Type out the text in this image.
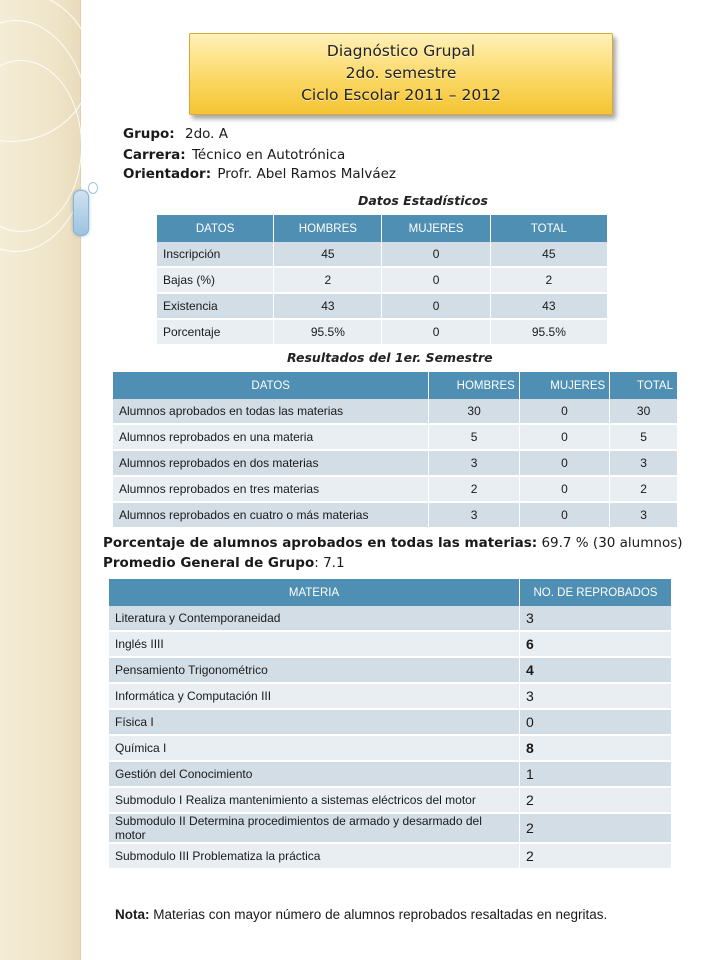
Diagnóstico Grupal
2do. semestre
Ciclo Escolar 2011 – 2012
Grupo: 2do. A
Carrera: Técnico en Autotrónica
Orientador: Profr. Abel Ramos Malváez
Datos Estadísticos
DATOS	HOMBRES	MUJERES	TOTAL
Inscripción	45	0	45
Bajas (%)	2	0	2
Existencia	43	0	43
Porcentaje	95.5%	0	95.5%
Resultados del 1er. Semestre
DATOS	HOMBRES	MUJERES	TOTAL
Alumnos aprobados en todas las materias	30	0	30
Alumnos reprobados en una materia	5	0	5
Alumnos reprobados en dos materias	3	0	3
Alumnos reprobados en tres materias	2	0	2
Alumnos reprobados en cuatro o más materias	3	0	3
Porcentaje de alumnos aprobados en todas las materias: 69.7 % (30 alumnos)
Promedio General de Grupo: 7.1
MATERIA	NO. DE REPROBADOS
Literatura y Contemporaneidad	3
Inglés IIII	6
Pensamiento Trigonométrico	4
Informática y Computación III	3
Física I	0
Química I	8
Gestión del Conocimiento	1
Submodulo I Realiza mantenimiento a sistemas eléctricos del motor	2
Submodulo II Determina procedimientos de armado y desarmado del motor	2
Submodulo III Problematiza la práctica	2
Nota: Materias con mayor número de alumnos reprobados resaltadas en negritas.
